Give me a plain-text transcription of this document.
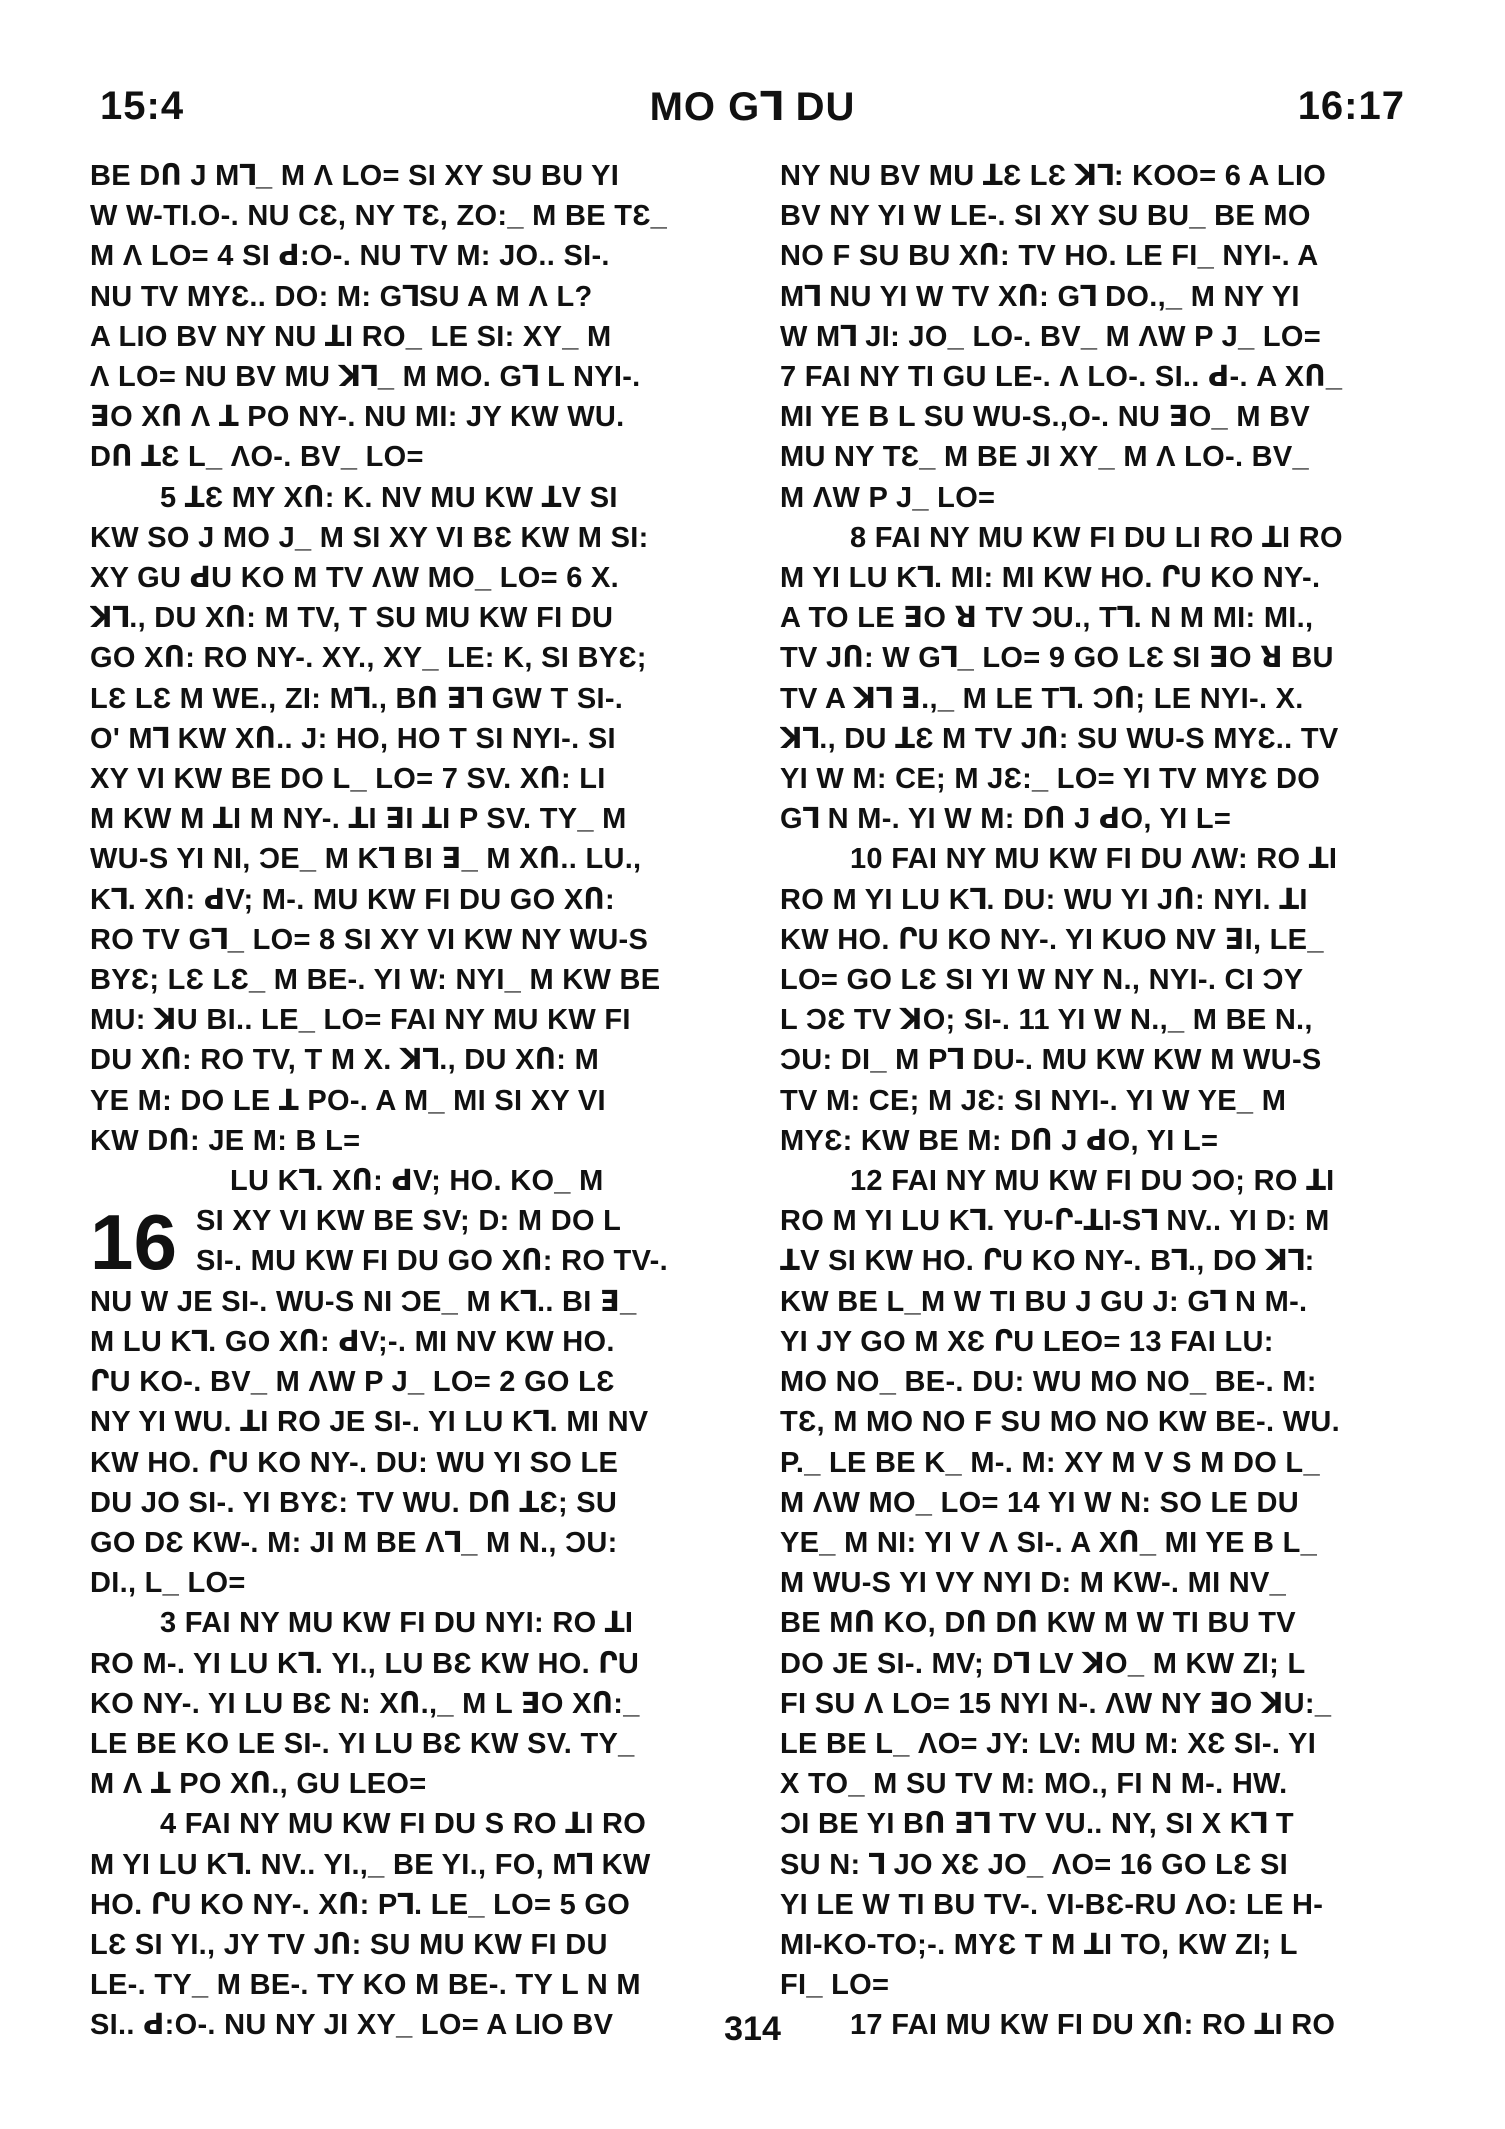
15:4	MO Gꓶ DU	16:17
BE DՈ J Mꓶ_ M Λ LO= SI XY SU BU YI
W W-TI.O-. NU CƐ, NY TƐ, ZO:_ M BE TƐ_
M Λ LO= 4 SI ꓒ:O-. NU TV M: JO.. SI-.
NU TV MYƐ.. DO: M: GꓶSU A M Λ L?
A LIO BV NY NU ꓕI RO_ LE SI: XY_ M
Λ LO= NU BV MU ꓘꓶ_ M MO. Gꓶ L NYI-.
ꓱO XՈ Λ ꓕ PO NY-. NU MI: JY KW WU.
DՈ ꓕƐ L_ ΛO-. BV_ LO=
5 ꓕƐ MY XՈ: K. NV MU KW ꓕV SI
KW SO J MO J_ M SI XY VI BƐ KW M SI:
XY GU ꓒU KO M TV ΛW MO_ LO= 6 X.
ꓘꓶ., DU XՈ: M TV, T SU MU KW FI DU
GO XՈ: RO NY-. XY., XY_ LE: K, SI BYƐ;
LƐ LƐ M WE., ZI: Mꓶ., BՈ ꓱꓶ GW T SI-.
O' Mꓶ KW XՈ.. J: HO, HO T SI NYI-. SI
XY VI KW BE DO L_ LO= 7 SV. XՈ: LI
M KW M ꓕI M NY-. ꓕI ꓱI ꓕI P SV. TY_ M
WU-S YI NI, ƆE_ M Kꓶ BI ꓱ_ M XՈ.. LU.,
Kꓶ. XՈ: ꓒV; M-. MU KW FI DU GO XՈ:
RO TV Gꓶ_ LO= 8 SI XY VI KW NY WU-S
BYƐ; LƐ LƐ_ M BE-. YI W: NYI_ M KW BE
MU: ꓘU BI.. LE_ LO= FAI NY MU KW FI
DU XՈ: RO TV, T M X. ꓘꓶ., DU XՈ: M
YE M: DO LE ꓕ PO-. A M_ MI SI XY VI
KW DՈ: JE M: B L=
LU Kꓶ. XՈ: ꓒV; HO. KO_ M
16 SI XY VI KW BE SV; D: M DO L
SI-. MU KW FI DU GO XՈ: RO TV-.
NU W JE SI-. WU-S NI ƆE_ M Kꓶ.. BI ꓱ_
M LU Kꓶ. GO XՈ: ꓒV;-. MI NV KW HO.
ՐU KO-. BV_ M ΛW P J_ LO= 2 GO LƐ
NY YI WU. ꓕI RO JE SI-. YI LU Kꓶ. MI NV
KW HO. ՐU KO NY-. DU: WU YI SO LE
DU JO SI-. YI BYƐ: TV WU. DՈ ꓕƐ; SU
GO DƐ KW-. M: JI M BE Λꓶ_ M N., ƆU:
DI., L_ LO=
3 FAI NY MU KW FI DU NYI: RO ꓕI
RO M-. YI LU Kꓶ. YI., LU BƐ KW HO. ՐU
KO NY-. YI LU BƐ N: XՈ.,_ M L ꓱO XՈ:_
LE BE KO LE SI-. YI LU BƐ KW SV. TY_
M Λ ꓕ PO XՈ., GU LEO=
4 FAI NY MU KW FI DU S RO ꓕI RO
M YI LU Kꓶ. NV.. YI.,_ BE YI., FO, Mꓶ KW
HO. ՐU KO NY-. XՈ: Pꓶ. LE_ LO= 5 GO
LƐ SI YI., JY TV JՈ: SU MU KW FI DU
LE-. TY_ M BE-. TY KO M BE-. TY L N M
SI.. ꓒ:O-. NU NY JI XY_ LO= A LIO BV
NY NU BV MU ꓕƐ LƐ ꓘꓶ: KOO= 6 A LIO
BV NY YI W LE-. SI XY SU BU_ BE MO
NO F SU BU XՈ: TV HO. LE FI_ NYI-. A
Mꓶ NU YI W TV XՈ: Gꓶ DO.,_ M NY YI
W Mꓶ JI: JO_ LO-. BV_ M ΛW P J_ LO=
7 FAI NY TI GU LE-. Λ LO-. SI.. ꓒ-. A XՈ_
MI YE B L SU WU-S.,O-. NU ꓱO_ M BV
MU NY TƐ_ M BE JI XY_ M Λ LO-. BV_
M ΛW P J_ LO=
8 FAI NY MU KW FI DU LI RO ꓕI RO
M YI LU Kꓶ. MI: MI KW HO. ՐU KO NY-.
A TO LE ꓱO ꓤ TV ƆU., Tꓶ. N M MI: MI.,
TV JՈ: W Gꓶ_ LO= 9 GO LƐ SI ꓱO ꓤ BU
TV A ꓘꓶ ꓱ.,_ M LE Tꓶ. ƆՈ; LE NYI-. X.
ꓘꓶ., DU ꓕƐ M TV JՈ: SU WU-S MYƐ.. TV
YI W M: CE; M JƐ:_ LO= YI TV MYƐ DO
Gꓶ N M-. YI W M: DՈ J ꓒO, YI L=
10 FAI NY MU KW FI DU ΛW: RO ꓕI
RO M YI LU Kꓶ. DU: WU YI JՈ: NYI. ꓕI
KW HO. ՐU KO NY-. YI KUO NV ꓱI, LE_
LO= GO LƐ SI YI W NY N., NYI-. CI ƆY
L ƆƐ TV ꓘO; SI-. 11 YI W N.,_ M BE N.,
ƆU: DI_ M Pꓶ DU-. MU KW KW M WU-S
TV M: CE; M JƐ: SI NYI-. YI W YE_ M
MYƐ: KW BE M: DՈ J ꓒO, YI L=
12 FAI NY MU KW FI DU ƆO; RO ꓕI
RO M YI LU Kꓶ. YU-Ր-ꓕI-Sꓶ NV.. YI D: M
ꓕV SI KW HO. ՐU KO NY-. Bꓶ., DO ꓘꓶ:
KW BE L_M W TI BU J GU J: Gꓶ N M-.
YI JY GO M XƐ ՐU LEO= 13 FAI LU:
MO NO_ BE-. DU: WU MO NO_ BE-. M:
TƐ, M MO NO F SU MO NO KW BE-. WU.
P._ LE BE K_ M-. M: XY M V S M DO L_
M ΛW MO_ LO= 14 YI W N: SO LE DU
YE_ M NI: YI V Λ SI-. A XՈ_ MI YE B L_
M WU-S YI VY NYI D: M KW-. MI NV_
BE MՈ KO, DՈ DՈ KW M W TI BU TV
DO JE SI-. MV; Dꓶ LV ꓘO_ M KW ZI; L
FI SU Λ LO= 15 NYI N-. ΛW NY ꓱO ꓘU:_
LE BE L_ ΛO= JY: LV: MU M: XƐ SI-. YI
X TO_ M SU TV M: MO., FI N M-. HW.
ƆI BE YI BՈ ꓱꓶ TV VU.. NY, SI X Kꓶ T
SU N: ꓶ JO XƐ JO_ ΛO= 16 GO LƐ SI
YI LE W TI BU TV-. VI-BƐ-RU ΛO: LE H-
MI-KO-TO;-. MYƐ T M ꓕI TO, KW ZI; L
FI_ LO=
17 FAI MU KW FI DU XՈ: RO ꓕI RO
314
